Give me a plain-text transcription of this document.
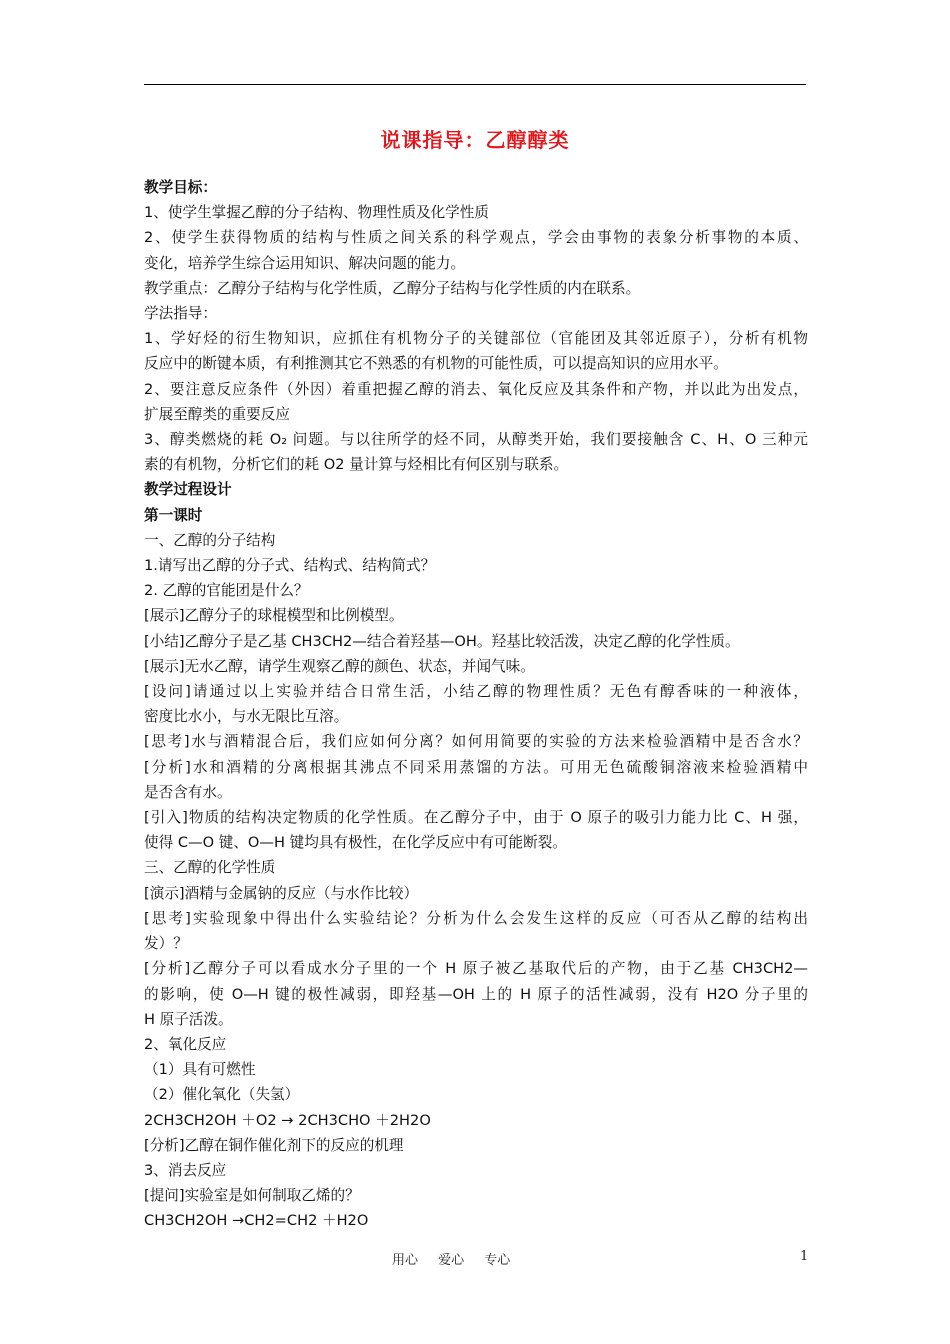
说课指导：乙醇醇类
教学目标：
1、使学生掌握乙醇的分子结构、物理性质及化学性质
2、使学生获得物质的结构与性质之间关系的科学观点，学会由事物的表象分析事物的本质、
变化，培养学生综合运用知识、解决问题的能力。
教学重点：乙醇分子结构与化学性质，乙醇分子结构与化学性质的内在联系。
学法指导：
1、学好烃的衍生物知识，应抓住有机物分子的关键部位（官能团及其邻近原子），分析有机物
反应中的断键本质，有利推测其它不熟悉的有机物的可能性质，可以提高知识的应用水平。
2、要注意反应条件（外因）着重把握乙醇的消去、氧化反应及其条件和产物，并以此为出发点，
扩展至醇类的重要反应
3、醇类燃烧的耗 O₂ 问题。与以往所学的烃不同，从醇类开始，我们要接触含 C、H、O 三种元
素的有机物，分析它们的耗 O2 量计算与烃相比有何区别与联系。
教学过程设计
第一课时
一、乙醇的分子结构
1.请写出乙醇的分子式、结构式、结构简式？
2. 乙醇的官能团是什么？
[展示]乙醇分子的球棍模型和比例模型。
[小结]乙醇分子是乙基 CH3CH2—结合着羟基—OH。羟基比较活泼，决定乙醇的化学性质。
[展示]无水乙醇，请学生观察乙醇的颜色、状态，并闻气味。
[设问]请通过以上实验并结合日常生活，小结乙醇的物理性质？无色有醇香味的一种液体，
密度比水小，与水无限比互溶。
[思考]水与酒精混合后，我们应如何分离？如何用简要的实验的方法来检验酒精中是否含水？
[分析]水和酒精的分离根据其沸点不同采用蒸馏的方法。可用无色硫酸铜溶液来检验酒精中
是否含有水。
[引入]物质的结构决定物质的化学性质。在乙醇分子中，由于 O 原子的吸引力能力比 C、H 强，
使得 C—O 键、O—H 键均具有极性，在化学反应中有可能断裂。
三、乙醇的化学性质
[演示]酒精与金属钠的反应（与水作比较）
[思考]实验现象中得出什么实验结论？分析为什么会发生这样的反应（可否从乙醇的结构出
发）？
[分析]乙醇分子可以看成水分子里的一个 H 原子被乙基取代后的产物，由于乙基 CH3CH2—
的影响，使 O—H 键的极性减弱，即羟基—OH 上的 H 原子的活性减弱，没有 H2O 分子里的
H 原子活泼。
2、氧化反应
（1）具有可燃性
（2）催化氧化（失氢）
2CH3CH2OH ＋O2 → 2CH3CHO ＋2H2O
[分析]乙醇在铜作催化剂下的反应的机理
3、消去反应
[提问]实验室是如何制取乙烯的？
CH3CH2OH →CH2=CH2 ＋H2O
用心 爱心 专心	1
